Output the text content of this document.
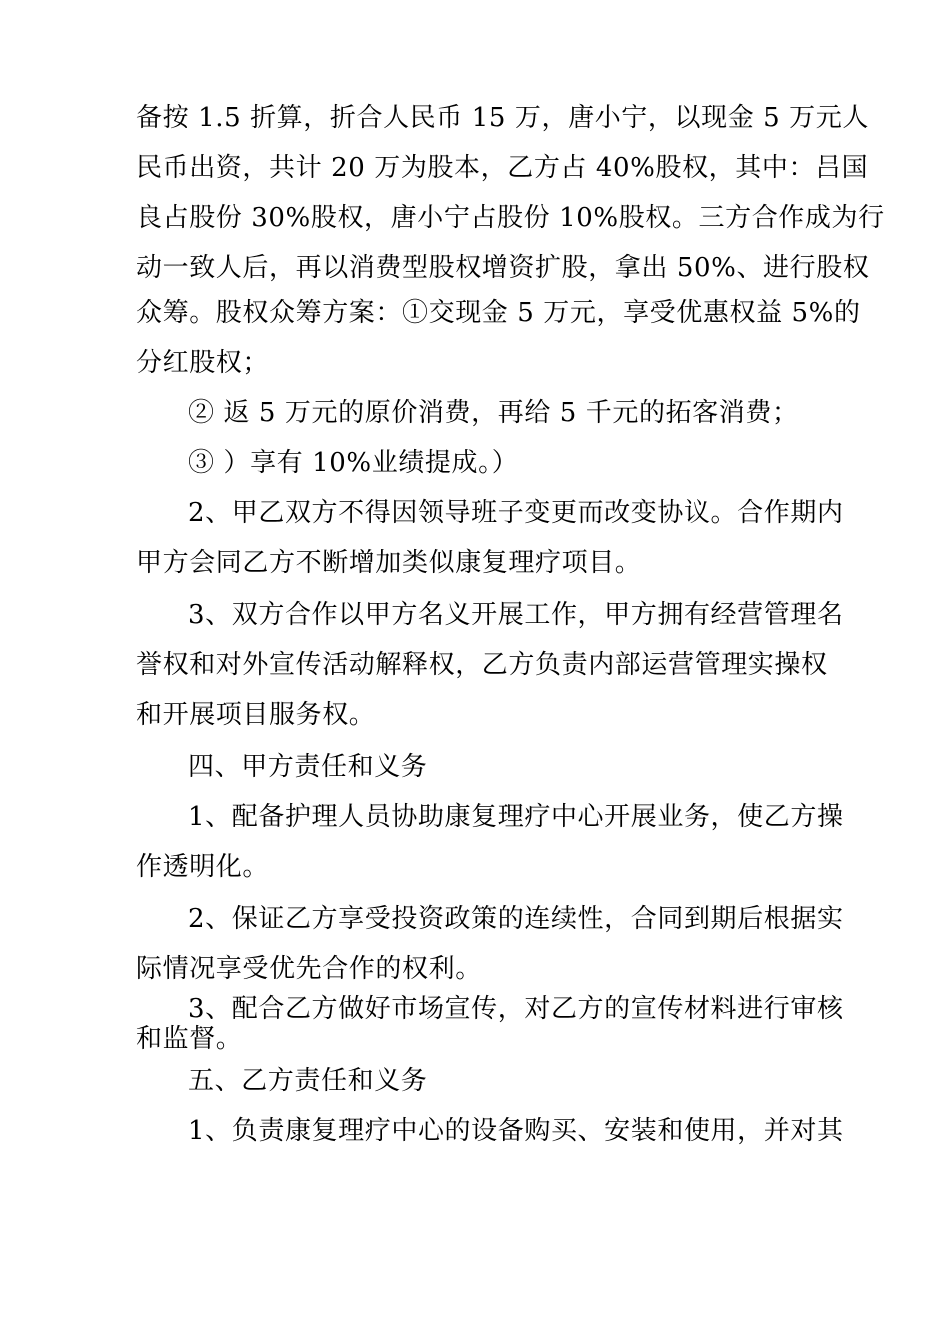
备按 1.5 折算，折合人民币 15 万，唐小宁，以现金 5 万元人
民币出资，共计 20 万为股本，乙方占 40%股权，其中：吕国
良占股份 30%股权，唐小宁占股份 10%股权。三方合作成为行
动一致人后，再以消费型股权增资扩股，拿出 50%、进行股权
众筹。股权众筹方案：①交现金 5 万元，享受优惠权益 5%的
分红股权；
② 返 5 万元的原价消费，再给 5 千元的拓客消费；
③ ）享有 10%业绩提成。）
2、甲乙双方不得因领导班子变更而改变协议。合作期内
甲方会同乙方不断增加类似康复理疗项目。
3、双方合作以甲方名义开展工作，甲方拥有经营管理名
誉权和对外宣传活动解释权，乙方负责内部运营管理实操权
和开展项目服务权。
四、甲方责任和义务
1、配备护理人员协助康复理疗中心开展业务，使乙方操
作透明化。
2、保证乙方享受投资政策的连续性，合同到期后根据实
际情况享受优先合作的权利。
3、配合乙方做好市场宣传，对乙方的宣传材料进行审核
和监督。
五、乙方责任和义务
1、负责康复理疗中心的设备购买、安装和使用，并对其
